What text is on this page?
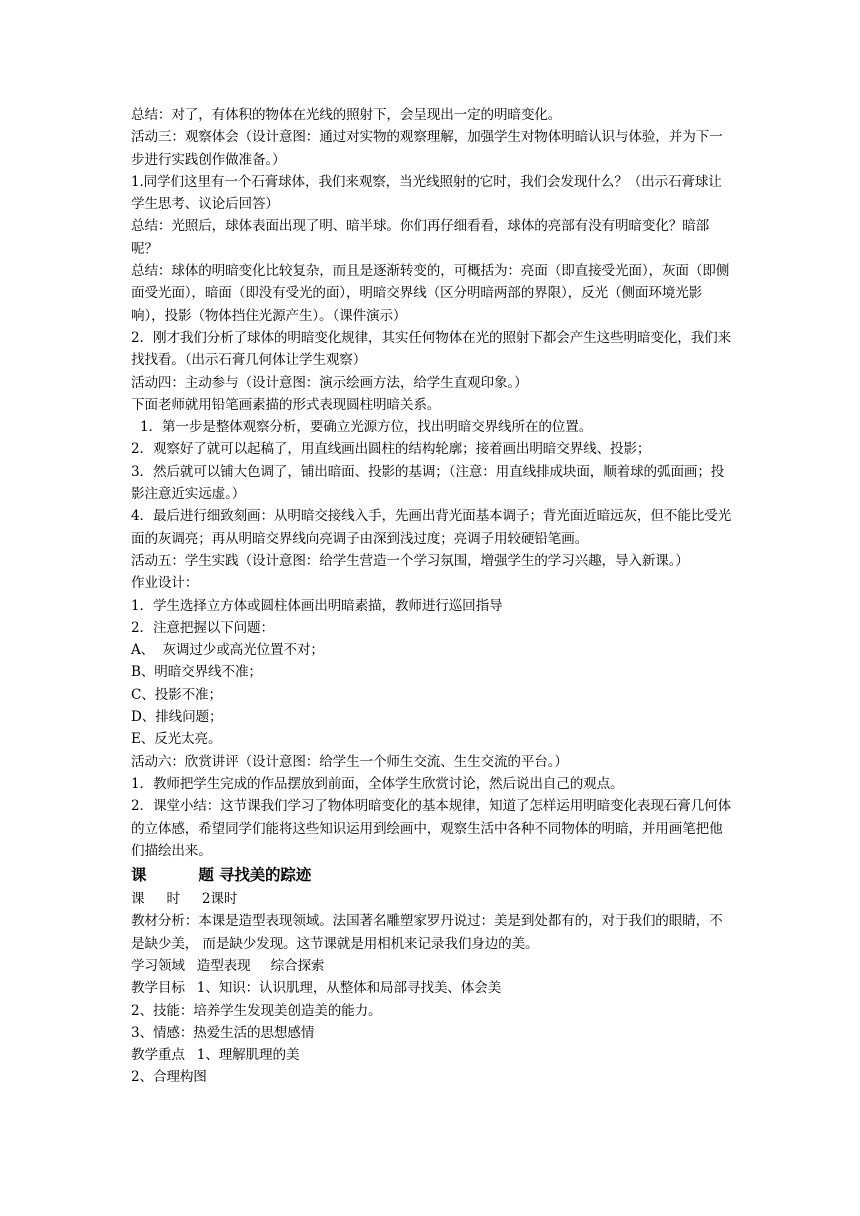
总结：对了，有体积的物体在光线的照射下，会呈现出一定的明暗变化。

活动三：观察体会（设计意图：通过对实物的观察理解，加强学生对物体明暗认识与体验，并为下一步进行实践创作做准备。）

1.同学们这里有一个石膏球体，我们来观察，当光线照射的它时，我们会发现什么？（出示石膏球让学生思考、议论后回答）

总结：光照后，球体表面出现了明、暗半球。你们再仔细看看，球体的亮部有没有明暗变化？暗部呢？

总结：球体的明暗变化比较复杂，而且是逐渐转变的，可概括为：亮面（即直接受光面），灰面（即侧面受光面），暗面（即没有受光的面），明暗交界线（区分明暗两部的界限），反光（侧面环境光影响），投影（物体挡住光源产生）。（课件演示）

2．刚才我们分析了球体的明暗变化规律，其实任何物体在光的照射下都会产生这些明暗变化，我们来找找看。（出示石膏几何体让学生观察）

活动四：主动参与（设计意图：演示绘画方法，给学生直观印象。）

下面老师就用铅笔画素描的形式表现圆柱明暗关系。

1．第一步是整体观察分析，要确立光源方位，找出明暗交界线所在的位置。

2．观察好了就可以起稿了，用直线画出圆柱的结构轮廓；接着画出明暗交界线、投影；

3．然后就可以铺大色调了，铺出暗面、投影的基调；（注意：用直线排成块面，顺着球的弧面画；投影注意近实远虚。）

4．最后进行细致刻画：从明暗交接线入手，先画出背光面基本调子；背光面近暗远灰，但不能比受光面的灰调亮；再从明暗交界线向亮调子由深到浅过度；亮调子用较硬铅笔画。

活动五：学生实践（设计意图：给学生营造一个学习氛围，增强学生的学习兴趣，导入新课。）

作业设计：

1．学生选择立方体或圆柱体画出明暗素描，教师进行巡回指导

2．注意把握以下问题：

A、  灰调过少或高光位置不对；

B、明暗交界线不准；

C、投影不准；

D、排线问题；

E、反光太亮。

活动六：欣赏讲评（设计意图：给学生一个师生交流、生生交流的平台。）

1．教师把学生完成的作品摆放到前面，全体学生欣赏讨论，然后说出自己的观点。

2．课堂小结：这节课我们学习了物体明暗变化的基本规律，知道了怎样运用明暗变化表现石膏几何体的立体感，希望同学们能将这些知识运用到绘画中，观察生活中各种不同物体的明暗，并用画笔把他们描绘出来。

课	题 寻找美的踪迹

课 时 2课时

教材分析：本课是造型表现领域。法国著名雕塑家罗丹说过：美是到处都有的，对于我们的眼睛，不是缺少美， 而是缺少发现。这节课就是用相机来记录我们身边的美。

学习领域 造型表现 综合探索

教学目标 1、知识：认识肌理，从整体和局部寻找美、体会美

2、技能：培养学生发现美创造美的能力。

3、情感：热爱生活的思想感情

教学重点 1、理解肌理的美

2、合理构图
